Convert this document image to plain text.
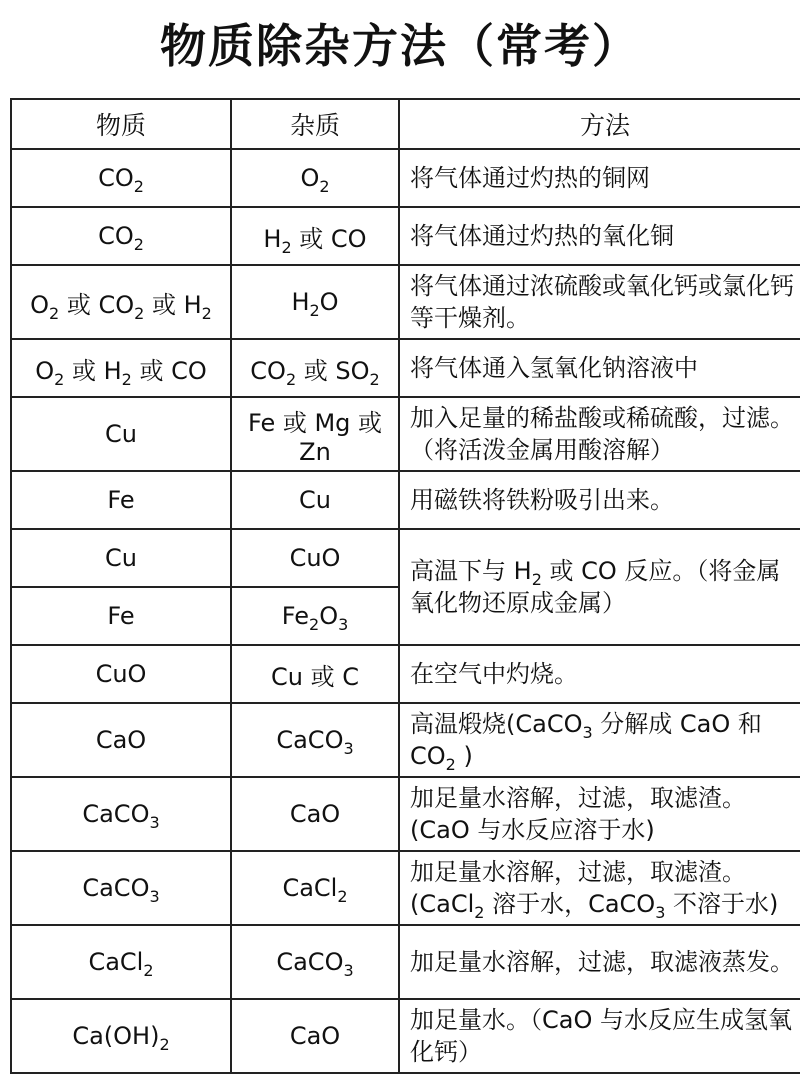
物质除杂方法（常考）
物质	杂质	方法
$CO_2$	$O_2$	将气体通过灼热的铜网
$CO_2$	$H_2$ 或 CO	将气体通过灼热的氧化铜
$O_2$ 或 $CO_2$ 或 $H_2$	$H_2O$	将气体通过浓硫酸或氧化钙或氯化钙等干燥剂。
$O_2$ 或 $H_2$ 或 CO	$CO_2$ 或 $SO_2$	将气体通入氢氧化钠溶液中
Cu	Fe 或 Mg 或 Zn	加入足量的稀盐酸或稀硫酸，过滤。（将活泼金属用酸溶解）
Fe	Cu	用磁铁将铁粉吸引出来。
Cu	CuO	高温下与 $H_2$ 或 CO 反应。（将金属氧化物还原成金属）
Fe	$Fe_2O_3$
CuO	Cu 或 C	在空气中灼烧。
CaO	CaCO$_3$	高温煅烧(CaCO$_3$ 分解成 CaO 和 $CO_2$ )
CaCO$_3$	CaO	加足量水溶解，过滤，取滤渣。(CaO 与水反应溶于水)
CaCO$_3$	CaCl$_2$	加足量水溶解，过滤，取滤渣。(CaCl$_2$ 溶于水，CaCO$_3$ 不溶于水)
CaCl$_2$	CaCO$_3$	加足量水溶解，过滤，取滤液蒸发。
$Ca(OH)_2$	CaO	加足量水。（CaO 与水反应生成氢氧化钙）
